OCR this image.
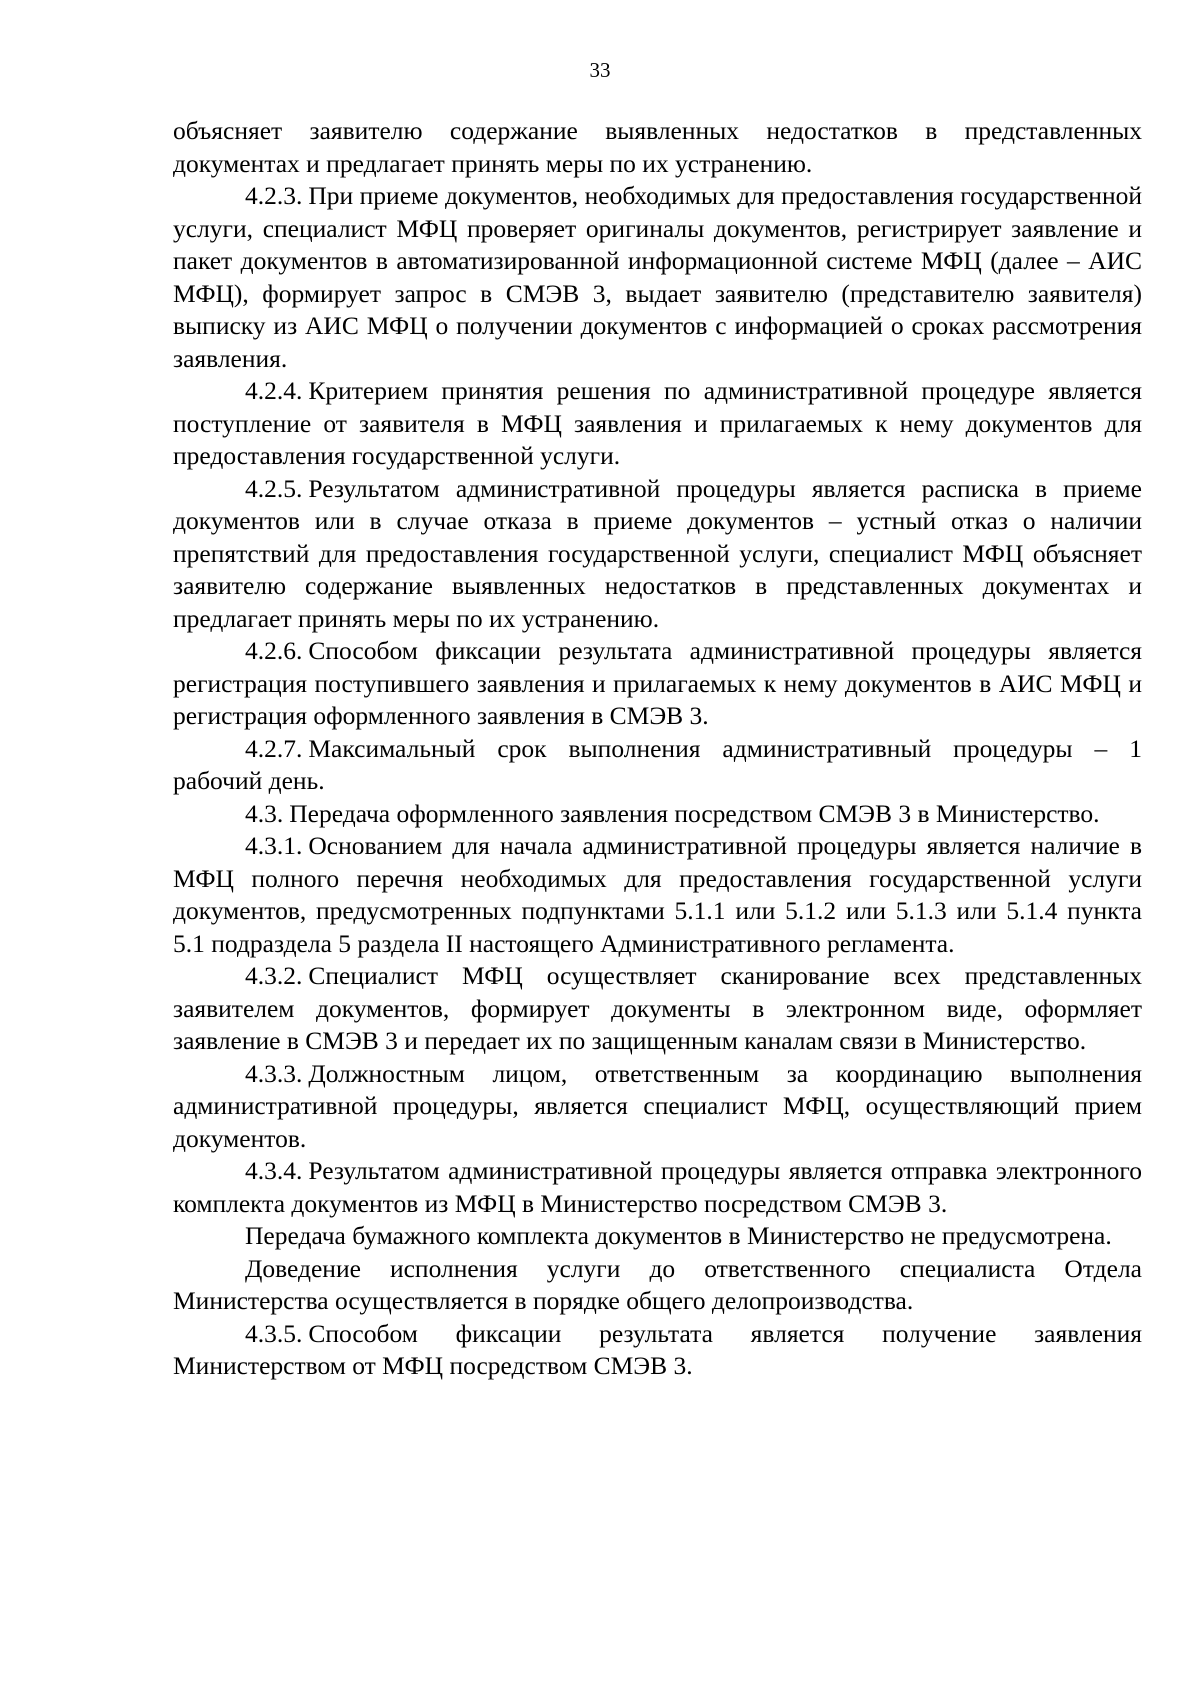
33

объясняет заявителю содержание выявленных недостатков в представленных документах и предлагает принять меры по их устранению.

4.2.3. При приеме документов, необходимых для предоставления государственной услуги, специалист МФЦ проверяет оригиналы документов, регистрирует заявление и пакет документов в автоматизированной информационной системе МФЦ (далее – АИС МФЦ), формирует запрос в СМЭВ 3, выдает заявителю (представителю заявителя) выписку из АИС МФЦ о получении документов с информацией о сроках рассмотрения заявления.

4.2.4. Критерием принятия решения по административной процедуре является поступление от заявителя в МФЦ заявления и прилагаемых к нему документов для предоставления государственной услуги.

4.2.5. Результатом административной процедуры является расписка в приеме документов или в случае отказа в приеме документов – устный отказ о наличии препятствий для предоставления государственной услуги, специалист МФЦ объясняет заявителю содержание выявленных недостатков в представленных документах и предлагает принять меры по их устранению.

4.2.6. Способом фиксации результата административной процедуры является регистрация поступившего заявления и прилагаемых к нему документов в АИС МФЦ и регистрация оформленного заявления в СМЭВ 3.

4.2.7. Максимальный срок выполнения административный процедуры – 1 рабочий день.

4.3. Передача оформленного заявления посредством СМЭВ 3 в Министерство.

4.3.1. Основанием для начала административной процедуры является наличие в МФЦ полного перечня необходимых для предоставления государственной услуги документов, предусмотренных подпунктами 5.1.1 или 5.1.2 или 5.1.3 или 5.1.4 пункта 5.1 подраздела 5 раздела II настоящего Административного регламента.

4.3.2. Специалист МФЦ осуществляет сканирование всех представленных заявителем документов, формирует документы в электронном виде, оформляет заявление в СМЭВ 3 и передает их по защищенным каналам связи в Министерство.

4.3.3. Должностным лицом, ответственным за координацию выполнения административной процедуры, является специалист МФЦ, осуществляющий прием документов.

4.3.4. Результатом административной процедуры является отправка электронного комплекта документов из МФЦ в Министерство посредством СМЭВ 3.

Передача бумажного комплекта документов в Министерство не предусмотрена.

Доведение исполнения услуги до ответственного специалиста Отдела Министерства осуществляется в порядке общего делопроизводства.

4.3.5. Способом фиксации результата является получение заявления Министерством от МФЦ посредством СМЭВ 3.
